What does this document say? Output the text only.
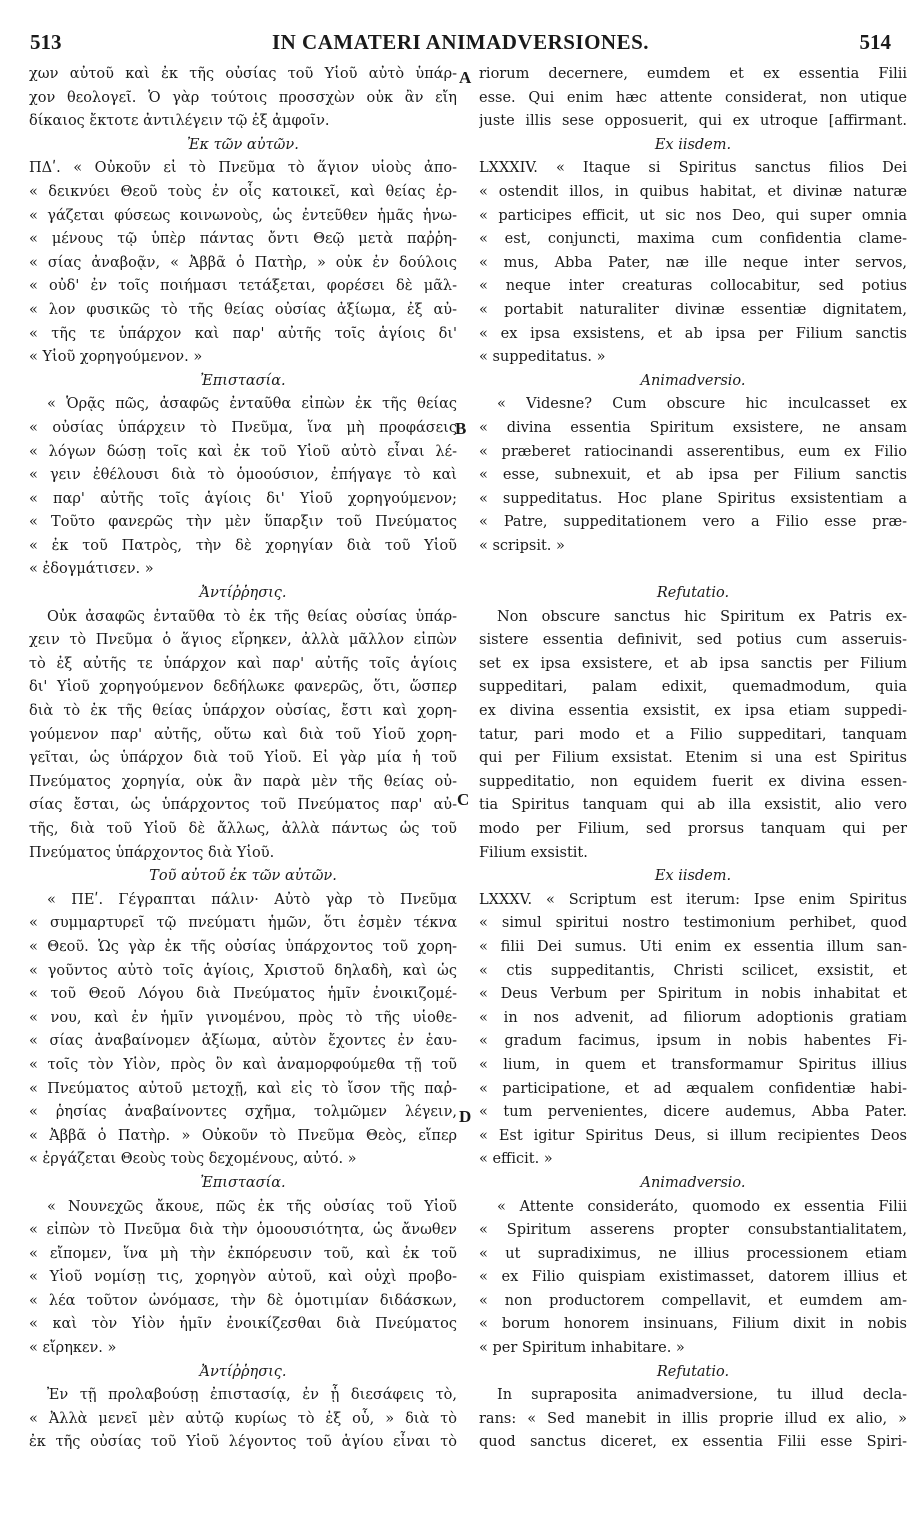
513	IN CAMATERI ANIMADVERSIONES.	514
A
B
C
D
χων αὐτοῦ καὶ ἐκ τῆς οὐσίας τοῦ Υἱοῦ αὐτὸ ὑπάρ-
χον θεολογεῖ. Ὁ γὰρ τούτοις προσσχὼν οὐκ ἂν εἴη
δίκαιος ἔκτοτε ἀντιλέγειν τῷ ἐξ ἀμφοῖν.
Ἐκ τῶν αὐτῶν.
ΠΔʹ. « Οὐκοῦν εἰ τὸ Πνεῦμα τὸ ἅγιον υἱοὺς ἀπο-
« δεικνύει Θεοῦ τοὺς ἐν οἷς κατοικεῖ, καὶ θείας ἐρ-
« γάζεται φύσεως κοινωνοὺς, ὡς ἐντεῦθεν ἡμᾶς ἡνω-
« μένους τῷ ὑπὲρ πάντας ὄντι Θεῷ μετὰ παῤῥη-
« σίας ἀναβοᾷν, « Ἀββᾶ ὁ Πατὴρ, » οὐκ ἐν δούλοις
« οὐδ' ἐν τοῖς ποιήμασι τετάξεται, φορέσει δὲ μᾶλ-
« λον φυσικῶς τὸ τῆς θείας οὐσίας ἀξίωμα, ἐξ αὐ-
« τῆς τε ὑπάρχον καὶ παρ' αὐτῆς τοῖς ἁγίοις δι'
« Υἱοῦ χορηγούμενον. »
Ἐπιστασία.
« Ὁρᾷς πῶς, ἀσαφῶς ἐνταῦθα εἰπὼν ἐκ τῆς θείας
« οὐσίας ὑπάρχειν τὸ Πνεῦμα, ἵνα μὴ προφάσεις
« λόγων δώσῃ τοῖς καὶ ἐκ τοῦ Υἱοῦ αὐτὸ εἶναι λέ-
« γειν ἐθέλουσι διὰ τὸ ὁμοούσιον, ἐπήγαγε τὸ καὶ
« παρ' αὐτῆς τοῖς ἁγίοις δι' Υἱοῦ χορηγούμενον;
« Τοῦτο φανερῶς τὴν μὲν ὕπαρξιν τοῦ Πνεύματος
« ἐκ τοῦ Πατρὸς, τὴν δὲ χορηγίαν διὰ τοῦ Υἱοῦ
« ἐδογμάτισεν. »
Ἀντίῤῥησις.
Οὐκ ἀσαφῶς ἐνταῦθα τὸ ἐκ τῆς θείας οὐσίας ὑπάρ-
χειν τὸ Πνεῦμα ὁ ἅγιος εἴρηκεν, ἀλλὰ μᾶλλον εἰπὼν
τὸ ἐξ αὐτῆς τε ὑπάρχον καὶ παρ' αὐτῆς τοῖς ἁγίοις
δι' Υἱοῦ χορηγούμενον δεδήλωκε φανερῶς, ὅτι, ὥσπερ
διὰ τὸ ἐκ τῆς θείας ὑπάρχον οὐσίας, ἔστι καὶ χορη-
γούμενον παρ' αὐτῆς, οὕτω καὶ διὰ τοῦ Υἱοῦ χορη-
γεῖται, ὡς ὑπάρχον διὰ τοῦ Υἱοῦ. Εἰ γὰρ μία ἡ τοῦ
Πνεύματος χορηγία, οὐκ ἂν παρὰ μὲν τῆς θείας οὐ-
σίας ἔσται, ὡς ὑπάρχοντος τοῦ Πνεύματος παρ' αὐ-
τῆς, διὰ τοῦ Υἱοῦ δὲ ἄλλως, ἀλλὰ πάντως ὡς τοῦ
Πνεύματος ὑπάρχοντος διὰ Υἱοῦ.
Τοῦ αὐτοῦ ἐκ τῶν αὐτῶν.
« ΠΕʹ. Γέγραπται πάλιν· Αὐτὸ γὰρ τὸ Πνεῦμα
« συμμαρτυρεῖ τῷ πνεύματι ἡμῶν, ὅτι ἐσμὲν τέκνα
« Θεοῦ. Ὡς γὰρ ἐκ τῆς οὐσίας ὑπάρχοντος τοῦ χορη-
« γοῦντος αὐτὸ τοῖς ἁγίοις, Χριστοῦ δηλαδὴ, καὶ ὡς
« τοῦ Θεοῦ Λόγου διὰ Πνεύματος ἡμῖν ἐνοικιζομέ-
« νου, καὶ ἐν ἡμῖν γινομένου, πρὸς τὸ τῆς υἱοθε-
« σίας ἀναβαίνομεν ἀξίωμα, αὐτὸν ἔχοντες ἐν ἑαυ-
« τοῖς τὸν Υἱὸν, πρὸς ὃν καὶ ἀναμορφούμεθα τῇ τοῦ
« Πνεύματος αὐτοῦ μετοχῇ, καὶ εἰς τὸ ἴσον τῆς παῤ-
« ῥησίας ἀναβαίνοντες σχῆμα, τολμῶμεν λέγειν,
« Ἀββᾶ ὁ Πατὴρ. » Οὐκοῦν τὸ Πνεῦμα Θεὸς, εἴπερ
« ἐργάζεται Θεοὺς τοὺς δεχομένους, αὐτό. »
Ἐπιστασία.
« Νουνεχῶς ἄκουε, πῶς ἐκ τῆς οὐσίας τοῦ Υἱοῦ
« εἰπὼν τὸ Πνεῦμα διὰ τὴν ὁμοουσιότητα, ὡς ἄνωθεν
« εἴπομεν, ἵνα μὴ τὴν ἐκπόρευσιν τοῦ, καὶ ἐκ τοῦ
« Υἱοῦ νομίσῃ τις, χορηγὸν αὐτοῦ, καὶ οὐχὶ προβο-
« λέα τοῦτον ὠνόμασε, τὴν δὲ ὁμοτιμίαν διδάσκων,
« καὶ τὸν Υἱὸν ἡμῖν ἐνοικίζεσθαι διὰ Πνεύματος
« εἴρηκεν. »
Ἀντίῤῥησις.
Ἐν τῇ προλαβούσῃ ἐπιστασίᾳ, ἐν ᾗ διεσάφεις τὸ,
« Ἀλλὰ μενεῖ μὲν αὐτῷ κυρίως τὸ ἐξ οὗ, » διὰ τὸ
ἐκ τῆς οὐσίας τοῦ Υἱοῦ λέγοντος τοῦ ἁγίου εἶναι τὸ
riorum decernere, eumdem et ex essentia Filii
esse. Qui enim hæc attente considerat, non utique
juste illis sese opposuerit, qui ex utroque [affirmant.
Ex iisdem.
LXXXIV. « Itaque si Spiritus sanctus filios Dei
« ostendit illos, in quibus habitat, et divinæ naturæ
« participes efficit, ut sic nos Deo, qui super omnia
« est, conjuncti, maxima cum confidentia clame-
« mus, Abba Pater, næ ille neque inter servos,
« neque inter creaturas collocabitur, sed potius
« portabit naturaliter divinæ essentiæ dignitatem,
« ex ipsa exsistens, et ab ipsa per Filium sanctis
« suppeditatus. »
Animadversio.
« Videsne? Cum obscure hic inculcasset ex
« divina essentia Spiritum exsistere, ne ansam
« præberet ratiocinandi asserentibus, eum ex Filio
« esse, subnexuit, et ab ipsa per Filium sanctis
« suppeditatus. Hoc plane Spiritus exsistentiam a
« Patre, suppeditationem vero a Filio esse præ-
« scripsit. »
Refutatio.
Non obscure sanctus hic Spiritum ex Patris ex-
sistere essentia definivit, sed potius cum asseruis-
set ex ipsa exsistere, et ab ipsa sanctis per Filium
suppeditari, palam edixit, quemadmodum, quia
ex divina essentia exsistit, ex ipsa etiam suppedi-
tatur, pari modo et a Filio suppeditari, tanquam
qui per Filium exsistat. Etenim si una est Spiritus
suppeditatio, non equidem fuerit ex divina essen-
tia Spiritus tanquam qui ab illa exsistit, alio vero
modo per Filium, sed prorsus tanquam qui per
Filium exsistit.
Ex iisdem.
LXXXV. « Scriptum est iterum: Ipse enim Spiritus
« simul spiritui nostro testimonium perhibet, quod
« filii Dei sumus. Uti enim ex essentia illum san-
« ctis suppeditantis, Christi scilicet, exsistit, et
« Deus Verbum per Spiritum in nobis inhabitat et
« in nos advenit, ad filiorum adoptionis gratiam
« gradum facimus, ipsum in nobis habentes Fi-
« lium, in quem et transformamur Spiritus illius
« participatione, et ad æqualem confidentiæ habi-
« tum pervenientes, dicere audemus, Abba Pater.
« Est igitur Spiritus Deus, si illum recipientes Deos
« efficit. »
Animadversio.
« Attente consideráto, quomodo ex essentia Filii
« Spiritum asserens propter consubstantialitatem,
« ut supradiximus, ne illius processionem etiam
« ex Filio quispiam existimasset, datorem illius et
« non productorem compellavit, et eumdem am-
« borum honorem insinuans, Filium dixit in nobis
« per Spiritum inhabitare. »
Refutatio.
In supraposita animadversione, tu illud decla-
rans: « Sed manebit in illis proprie illud ex alio, »
quod sanctus diceret, ex essentia Filii esse Spiri-
